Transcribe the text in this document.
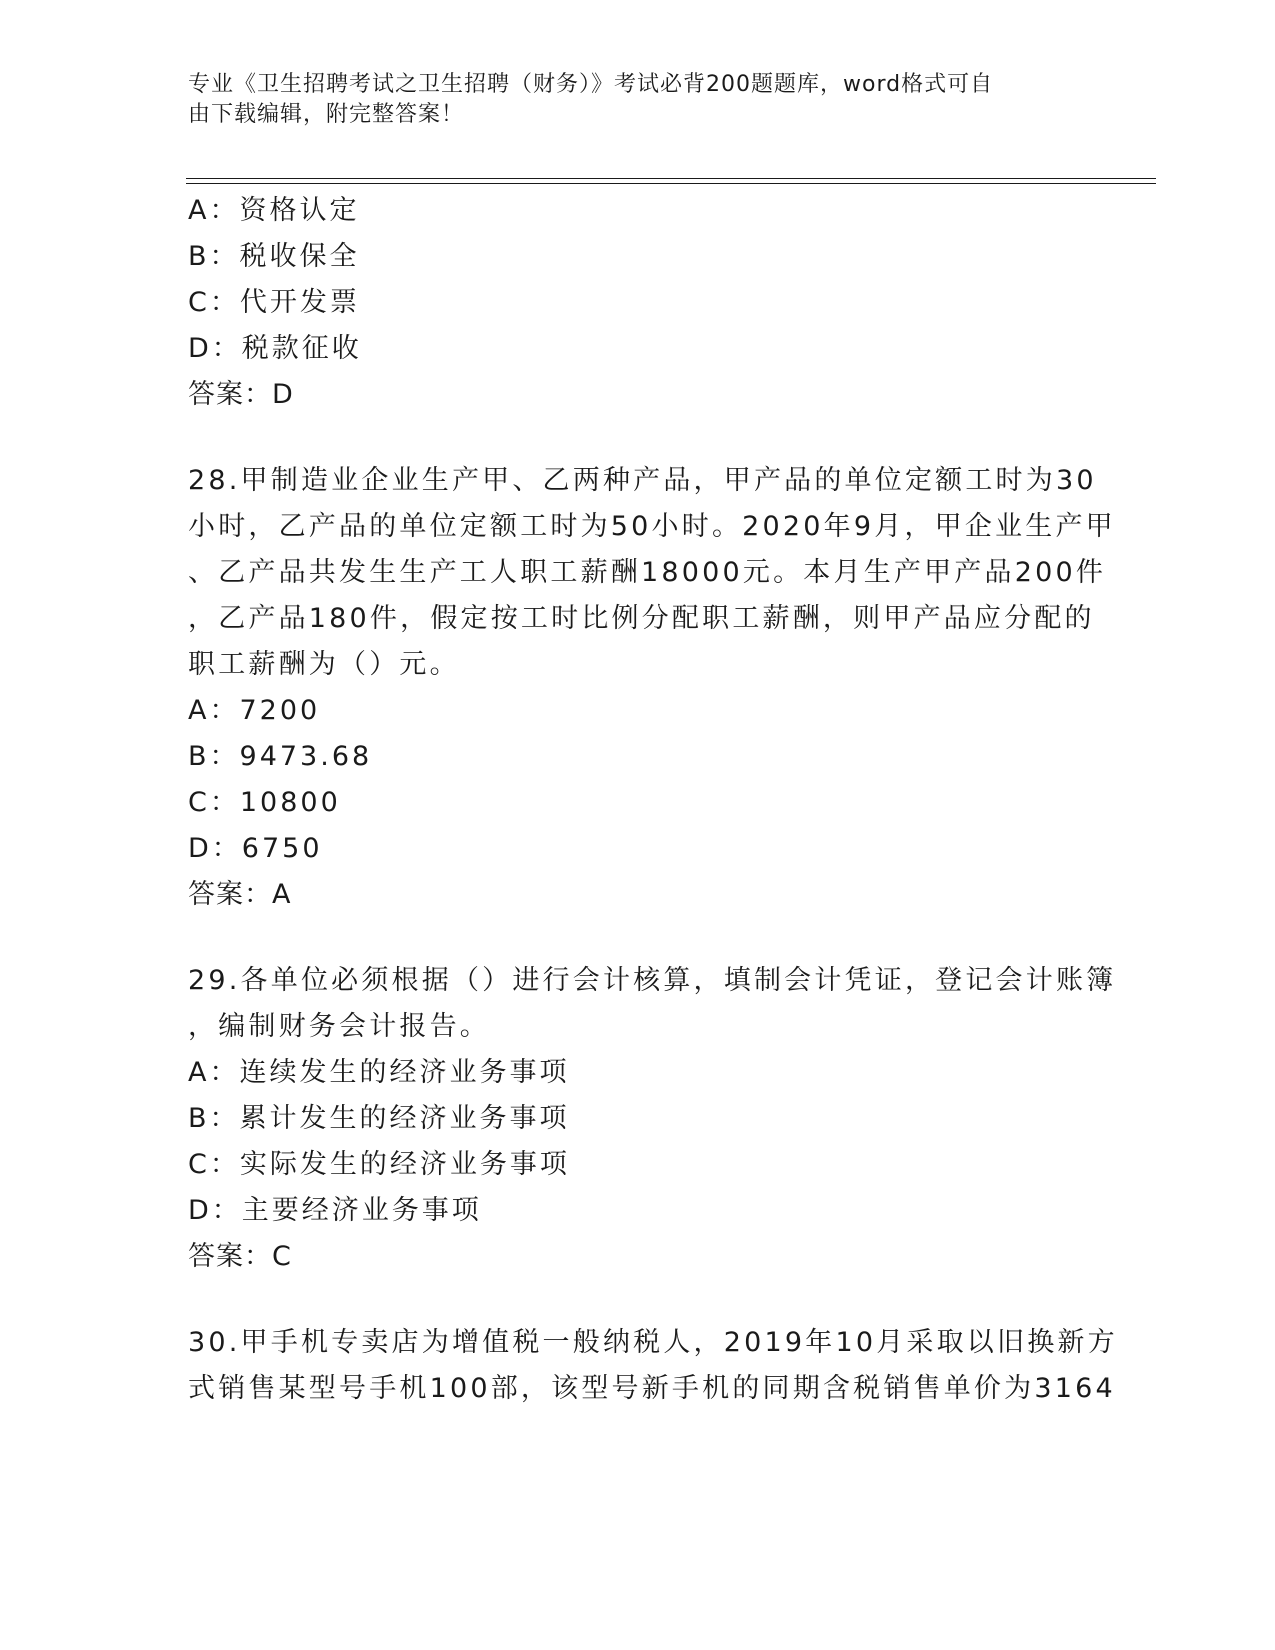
专业《卫生招聘考试之卫生招聘（财务）》考试必背200题题库，word格式可自
由下载编辑，附完整答案！
A：资格认定
B：税收保全
C：代开发票
D：税款征收
答案：D
28.甲制造业企业生产甲、乙两种产品，甲产品的单位定额工时为30
小时，乙产品的单位定额工时为50小时。2020年9月，甲企业生产甲
、乙产品共发生生产工人职工薪酬18000元。本月生产甲产品200件
，乙产品180件，假定按工时比例分配职工薪酬，则甲产品应分配的
职工薪酬为（）元。
A：7200
B：9473.68
C：10800
D：6750
答案：A
29.各单位必须根据（）进行会计核算，填制会计凭证，登记会计账簿
，编制财务会计报告。
A：连续发生的经济业务事项
B：累计发生的经济业务事项
C：实际发生的经济业务事项
D：主要经济业务事项
答案：C
30.甲手机专卖店为增值税一般纳税人，2019年10月采取以旧换新方
式销售某型号手机100部，该型号新手机的同期含税销售单价为3164
